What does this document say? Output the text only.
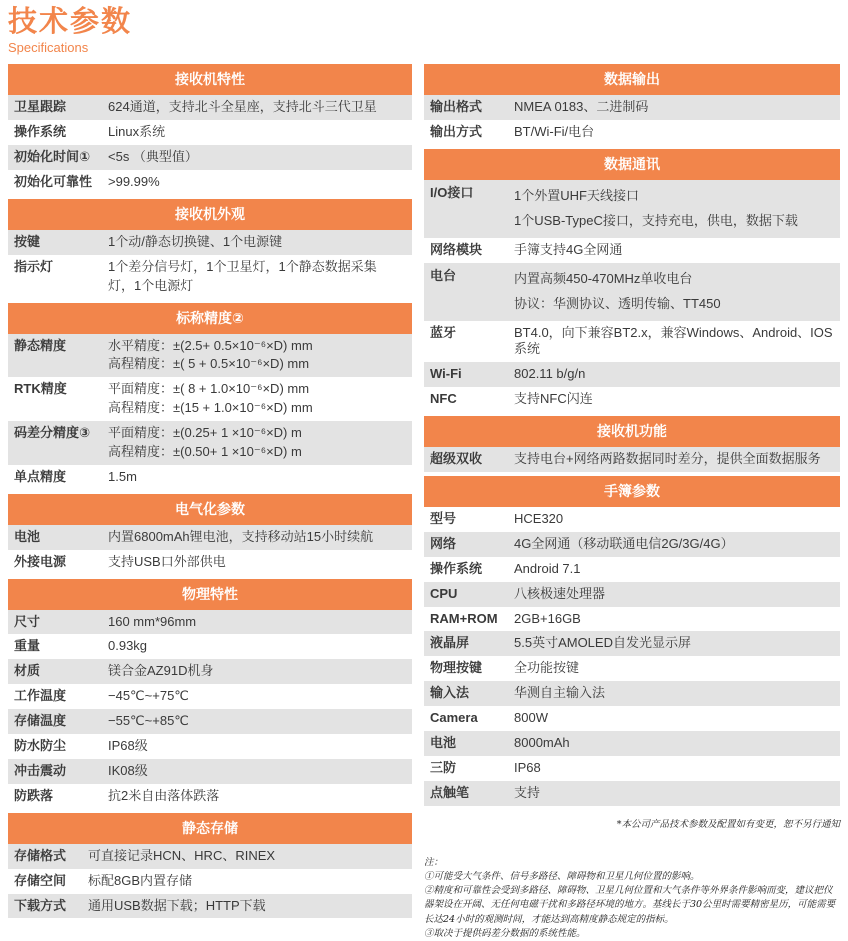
技术参数
Specifications
接收机特性
卫星跟踪	624通道，支持北斗全星座，支持北斗三代卫星
操作系统	Linux系统
初始化时间①	<5s （典型值）
初始化可靠性	>99.99%
接收机外观
按键	1个动/静态切换键、1个电源键
指示灯	1个差分信号灯，1个卫星灯，1个静态数据采集
灯，1个电源灯
标称精度②
静态精度	水平精度：±(2.5+ 0.5×10⁻⁶×D) mm
高程精度：±( 5 + 0.5×10⁻⁶×D) mm
RTK精度	平面精度：±( 8 + 1.0×10⁻⁶×D) mm
高程精度：±(15 + 1.0×10⁻⁶×D) mm
码差分精度③	平面精度：±(0.25+ 1 ×10⁻⁶×D) m
高程精度：±(0.50+ 1 ×10⁻⁶×D) m
单点精度	1.5m
电气化参数
电池	内置6800mAh锂电池，支持移动站15小时续航
外接电源	支持USB口外部供电
物理特性
尺寸	160 mm*96mm
重量	0.93kg
材质	镁合金AZ91D机身
工作温度	−45℃~+75℃
存储温度	−55℃~+85℃
防水防尘	IP68级
冲击震动	IK08级
防跌落	抗2米自由落体跌落
静态存储
存储格式	可直接记录HCN、HRC、RINEX
存储空间	标配8GB内置存储
下载方式	通用USB数据下载；HTTP下载
数据输出
输出格式	NMEA 0183、二进制码
输出方式	BT/Wi-Fi/电台
数据通讯
I/O接口	1个外置UHF天线接口
1个USB-TypeC接口，支持充电，供电，数据下载
网络模块	手簿支持4G全网通
电台	内置高频450-470MHz单收电台
协议：华测协议、透明传输、TT450
蓝牙	BT4.0，向下兼容BT2.x，兼容Windows、Android、IOS系统
Wi-Fi	802.11 b/g/n
NFC	支持NFC闪连
接收机功能
超级双收	支持电台+网络两路数据同时差分，提供全面数据服务
手簿参数
型号	HCE320
网络	4G全网通（移动联通电信2G/3G/4G）
操作系统	Android 7.1
CPU	八核极速处理器
RAM+ROM	2GB+16GB
液晶屏	5.5英寸AMOLED自发光显示屏
物理按键	全功能按键
输入法	华测自主输入法
Camera	800W
电池	8000mAh
三防	IP68
点触笔	支持
*本公司产品技术参数及配置如有变更，恕不另行通知
注：
①可能受大气条件、信号多路径、障碍物和卫星几何位置的影响。
②精度和可靠性会受到多路径、障碍物、卫星几何位置和大气条件等外界条件影响而变，建议把仪器架设在开阔、无任何电磁干扰和多路径环境的地方。基线长于30公里时需要精密星历，可能需要长达24小时的观测时间，才能达到高精度静态规定的指标。
③取决于提供码差分数据的系统性能。
